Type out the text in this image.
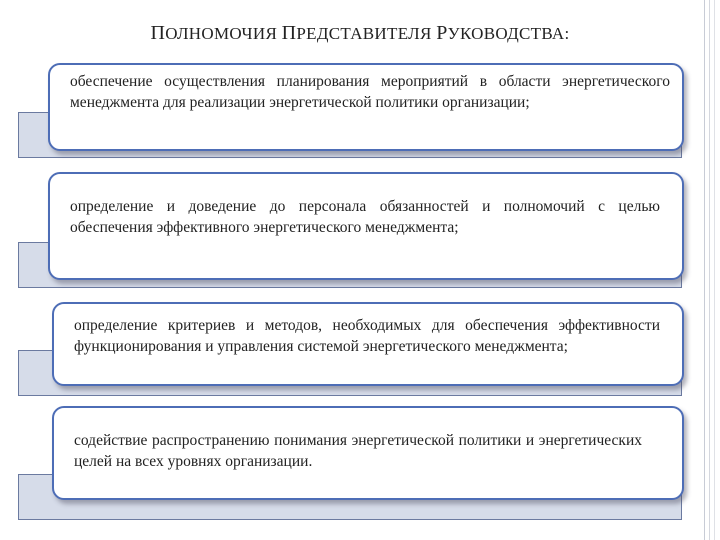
ПОЛНОМОЧИЯ ПРЕДСТАВИТЕЛЯ РУКОВОДСТВА:
обеспечение осуществления планирования мероприятий в области энергетического менеджмента для реализации энергетической политики организации;
определение и доведение до персонала обязанностей и полномочий с целью обеспечения эффективного энергетического менеджмента;
определение критериев и методов, необходимых для обеспечения эффективности функционирования и управления системой энергетического менеджмента;
содействие распространению понимания энергетической политики и энергетических целей на всех уровнях организации.
